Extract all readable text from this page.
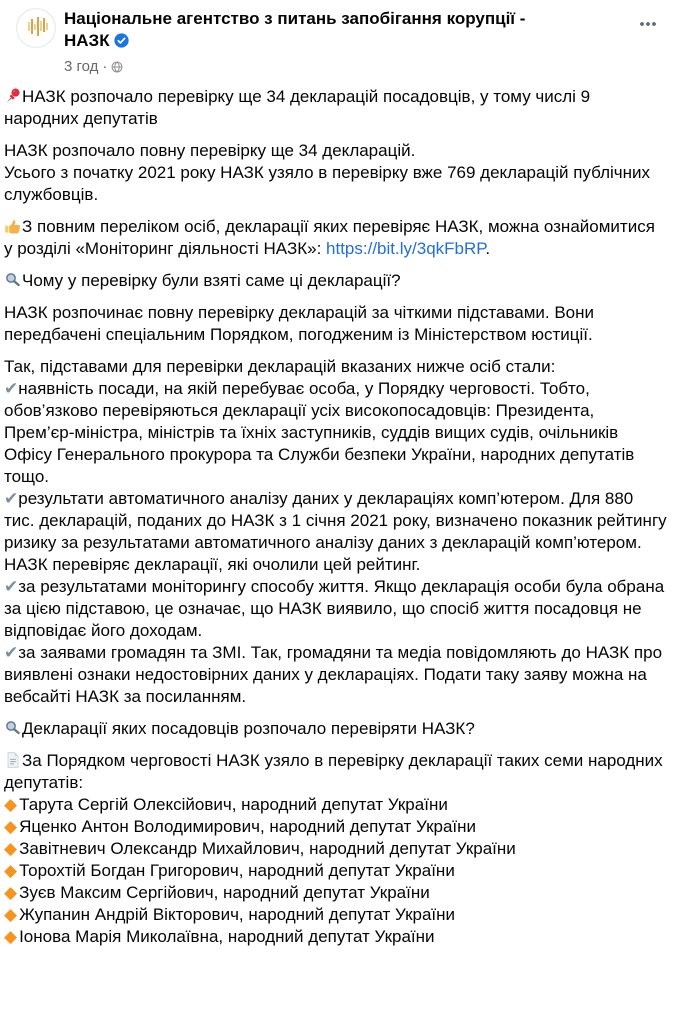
Національне агентство з питань запобігання корупції - НАЗК
3 год ·
НАЗК розпочало перевірку ще 34 декларацій посадовців, у тому числі 9 народних депутатів
НАЗК розпочало повну перевірку ще 34 декларацій.
Усього з початку 2021 року НАЗК узяло в перевірку вже 769 декларацій публічних службовців.
З повним переліком осіб, декларації яких перевіряє НАЗК, можна ознайомитися у розділі «Моніторинг діяльності НАЗК»: https://bit.ly/3qkFbRP.
Чому у перевірку були взяті саме ці декларації?
НАЗК розпочинає повну перевірку декларацій за чіткими підставами. Вони передбачені спеціальним Порядком, погодженим із Міністерством юстиції.
Так, підставами для перевірки декларацій вказаних нижче осіб стали:
✔наявність посади, на якій перебуває особа, у Порядку черговості. Тобто, обов’язково перевіряються декларації усіх високопосадовців: Президента, Прем’єр-міністра, міністрів та їхніх заступників, суддів вищих судів, очільників Офісу Генерального прокурора та Служби безпеки України, народних депутатів тощо.
✔результати автоматичного аналізу даних у деклараціях комп’ютером. Для 880 тис. декларацій, поданих до НАЗК з 1 січня 2021 року, визначено показник рейтингу ризику за результатами автоматичного аналізу даних з декларацій комп’ютером. НАЗК перевіряє декларації, які очолили цей рейтинг.
✔за результатами моніторингу способу життя. Якщо декларація особи була обрана за цією підставою, це означає, що НАЗК виявило, що спосіб життя посадовця не відповідає його доходам.
✔за заявами громадян та ЗМІ. Так, громадяни та медіа повідомляють до НАЗК про виявлені ознаки недостовірних даних у деклараціях. Подати таку заяву можна на вебсайті НАЗК за посиланням.
Декларації яких посадовців розпочало перевіряти НАЗК?
За Порядком черговості НАЗК узяло в перевірку декларації таких семи народних депутатів:
◆ Тарута Сергій Олексійович, народний депутат України
◆ Яценко Антон Володимирович, народний депутат України
◆ Завітневич Олександр Михайлович, народний депутат України
◆ Торохтій Богдан Григорович, народний депутат України
◆ Зуєв Максим Сергійович, народний депутат України
◆ Жупанин Андрій Вікторович, народний депутат України
◆ Іонова Марія Миколаївна, народний депутат України
